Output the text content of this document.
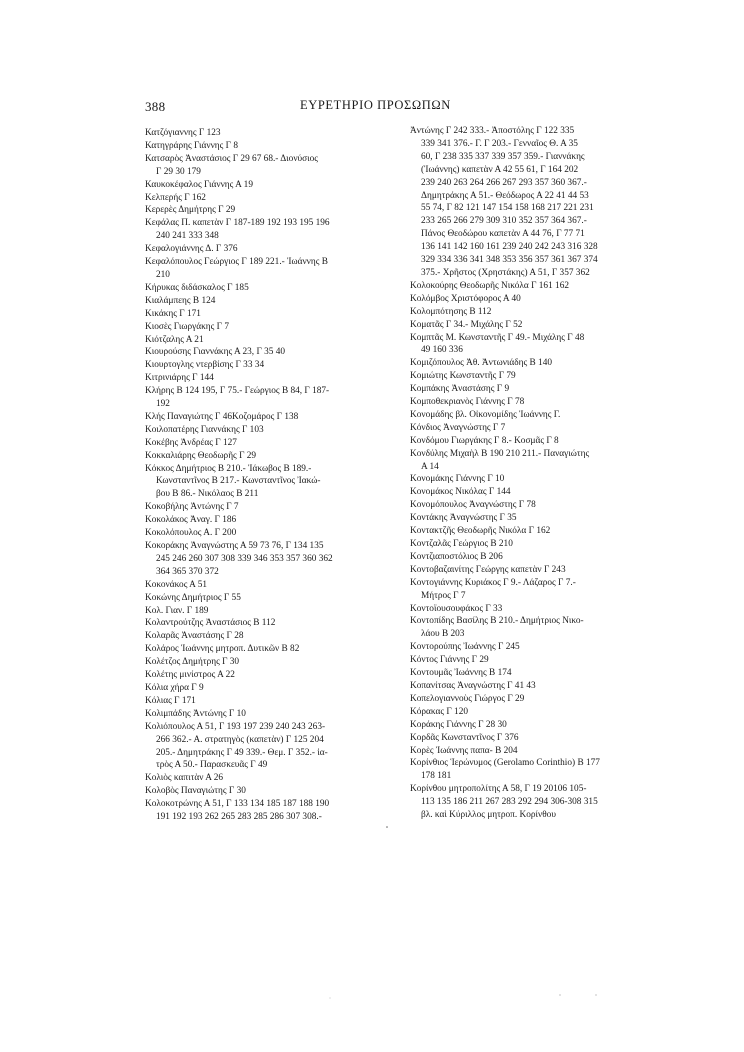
388	ΕΥΡΕΤΗΡΙΟ ΠΡΟΣΩΠΩΝ
Κατζόγιαννης Γ 123
Κατηγράρης Γιάννης Γ 8
Κατσαρὸς Ἀναστάσιος Γ 29 67 68.- Διονύσιος
Γ 29 30 179
Καυκοκέφαλος Γιάννης Α 19
Κελπερής Γ 162
Κερερὲς Δημήτρης Γ 29
Κεφάλας Π. καπετὰν Γ 187-189 192 193 195 196
240 241 333 348
Κεφαλογιάννης Δ. Γ 376
Κεφαλόπουλος Γεώργιος Γ 189 221.- Ἰωάννης Β
210
Κήρυκας διδάσκαλος Γ 185
Κιαλάμπεης Β 124
Κικάκης Γ 171
Κιοσὲς Γιωργάκης Γ 7
Κιότζαλης Α 21
Κιουρούσης Γιαννάκης Α 23, Γ 35 40
Κιουρτογλης ντερβίσης Γ 33 34
Κιτρινιάρης Γ 144
Κλήρης Β 124 195, Γ 75.- Γεώργιος Β 84, Γ 187-
192
Κλής Παναγιώτης Γ 46Κοζομάρος Γ 138
Κοιλοπατέρης Γιαννάκης Γ 103
Κοκέβης Ἀνδρέας Γ 127
Κοκκαλιάρης Θεοδωρῆς Γ 29
Κόκκος Δημήτριος Β 210.- Ἰάκωβος Β 189.-
Κωνσταντῖνος Β 217.- Κωνσταντῖνος Ἰακώ-
βου Β 86.- Νικόλαος Β 211
Κοκοβήλης Ἀντώνης Γ 7
Κοκολάκος Ἀναγ. Γ 186
Κοκολόπουλος Α. Γ 200
Κοκοράκης Ἀναγνώστης Α 59 73 76, Γ 134 135
245 246 260 307 308 339 346 353 357 360 362
364 365 370 372
Κοκονάκος Α 51
Κοκώνης Δημήτριος Γ 55
Κολ. Γιαν. Γ 189
Κολαντρούτζης Ἀναστάσιος Β 112
Κολαρᾶς Ἀναστάσης Γ 28
Κολάρος Ἰωάννης μητροπ. Δυτικῶν Β 82
Κολέτζος Δημήτρης Γ 30
Κολέτης μινίστρος Α 22
Κόλια χήρα Γ 9
Κόλιας Γ 171
Κολιμπάδης Ἀντώνης Γ 10
Κολιόπουλος Α 51, Γ 193 197 239 240 243 263-
266 362.- Α. στρατηγὸς (καπετὰν) Γ 125 204
205.- Δημητράκης Γ 49 339.- Θεμ. Γ 352.- ἰα-
τρὸς Α 50.- Παρασκευᾶς Γ 49
Κολιὸς καπιτὰν Α 26
Κολοβὸς Παναγιώτης Γ 30
Κολοκοτρώνης Α 51, Γ 133 134 185 187 188 190
191 192 193 262 265 283 285 286 307 308.-
Ἀντώνης Γ 242 333.- Ἀποστόλης Γ 122 335
339 341 376.- Γ. Γ 203.- Γενναῖος Θ. Α 35
60, Γ 238 335 337 339 357 359.- Γιαννάκης
(Ἰωάννης) καπετὰν Α 42 55 61, Γ 164 202
239 240 263 264 266 267 293 357 360 367.-
Δημητράκης Α 51.- Θεόδωρος Α 22 41 44 53
55 74, Γ 82 121 147 154 158 168 217 221 231
233 265 266 279 309 310 352 357 364 367.-
Πάνος Θεοδώρου καπετὰν Α 44 76, Γ 77 71
136 141 142 160 161 239 240 242 243 316 328
329 334 336 341 348 353 356 357 361 367 374
375.- Χρῆστος (Χρηστάκης) Α 51, Γ 357 362
Κολοκούρης Θεοδωρῆς Νικόλα Γ 161 162
Κολόμβος Χριστόφορος Α 40
Κολομπότησης Β 112
Κοματᾶς Γ 34.- Μιχάλης Γ 52
Κομπτᾶς Μ. Κωνσταντῆς Γ 49.- Μιχάλης Γ 48
49 160 336
Κομιζόπουλος Ἀθ. Ἀντωνιάδης Β 140
Κομιώτης Κωνσταντῆς Γ 79
Κομπάκης Ἀναστάσης Γ 9
Κομποθεκριανὸς Γιάννης Γ 78
Κονομάδης βλ. Οἰκονομίδης Ἰωάννης Γ.
Κόνδιος Ἀναγνώστης Γ 7
Κονδόμου Γιωργάκης Γ 8.- Κοσμᾶς Γ 8
Κονδύλης Μιχαὴλ Β 190 210 211.- Παναγιώτης
Α 14
Κονομάκης Γιάννης Γ 10
Κονομάκος Νικόλας Γ 144
Κονομόπουλος Ἀναγνώστης Γ 78
Κοντάκης Ἀναγνώστης Γ 35
Κοντακτζῆς Θεοδωρῆς Νικόλα Γ 162
Κοντζαλᾶς Γεώργιος Β 210
Κοντζιαποστόλιος Β 206
Κοντοβαζαινίτης Γεώργης καπετὰν Γ 243
Κοντογιάννης Κυριάκος Γ 9.- Λάζαρος Γ 7.-
Μήτρος Γ 7
Κοντοϊουσουφάκος Γ 33
Κοντοπίδης Βασίλης Β 210.- Δημήτριος Νικο-
λάου Β 203
Κοντορούπης Ἰωάννης Γ 245
Κόντος Γιάννης Γ 29
Κοντουμᾶς Ἰωάννης Β 174
Κοπανίτσας Ἀναγνώστης Γ 41 43
Κοπελογιαννοὺς Γιώργος Γ 29
Κόρακας Γ 120
Κοράκης Γιάννης Γ 28 30
Κορδᾶς Κωνσταντῖνος Γ 376
Κορὲς Ἰωάννης παπα- Β 204
Κορίνθιος Ἱερώνυμος (Gerolamo Corinthio) Β 177
178 181
Κορίνθου μητροπολίτης Α 58, Γ 19 20106 105-
113 135 186 211 267 283 292 294 306-308 315
βλ. καὶ Κύριλλος μητροπ. Κορίνθου
